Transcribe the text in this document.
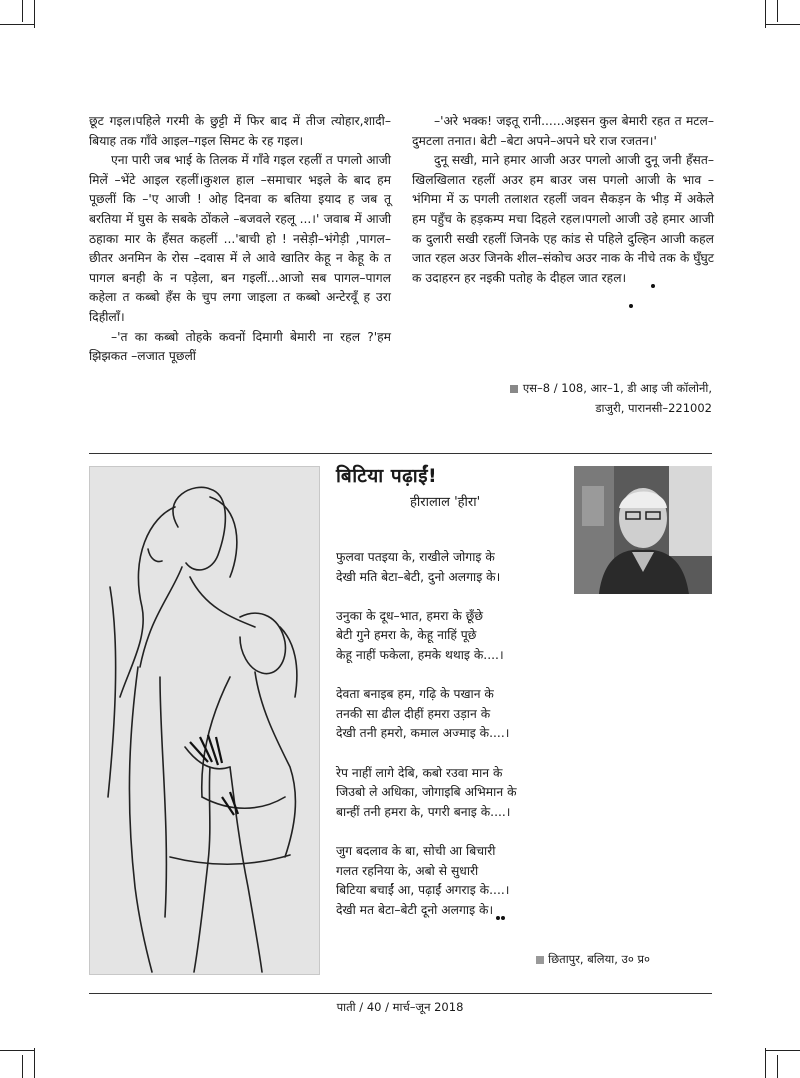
छूट गइल।पहिले गरमी के छुट्टी में फिर बाद में तीज त्योहार,शादी–बियाह तक गाँवे आइल–गइल सिमट के रह गइल।

एना पारी जब भाई के तिलक में गाँवे गइल रहलीं त पगलो आजी मिलें –भेंटे आइल रहलीं।कुशल हाल –समाचार भइले के बाद हम पूछलीं कि –'ए आजी ! ओह दिनवा क बतिया इयाद ह जब तू बरतिया में घुस के सबके ठोंकले –बजवले रहलू ...।' जवाब में आजी ठहाका मार के हँसत कहलीं ...'बाची हो ! नसेड़ी–भंगेड़ी ,पागल–छीतर अनमिन के रोस –दवास में ले आवे खातिर केहू न केहू के त पागल बनही के न पड़ेला, बन गइलीं...आजो सब पागल–पागल कहेला त कब्बो हँस के चुप लगा जाइला त कब्बो अन्टेरवूँ ह उरा दिहीलाँ।

–'त का कब्बो तोहके कवनों दिमागी बेमारी ना रहल ?'हम झिझकत –लजात पूछलीं

–'अरे भक्क! जइतू रानी......अइसन कुल बेमारी रहत त मटल–दुमटला तनात। बेटी –बेटा अपने–अपने घरे राज रजतन।'

दुनू सखी, माने हमार आजी अउर पगलो आजी दुनू जनी हँसत–खिलखिलात रहलीं अउर हम बाउर जस पगलो आजी के भाव –भंगिमा में ऊ पगली तलाशत रहलीं जवन सैकड़न के भीड़ में अकेले हम पहुँच के हड़कम्प मचा दिहले रहल।पगलो आजी उहे हमार आजी क दुलारी सखी रहलीं जिनके एह कांड से पहिले दुल्हिन आजी कहल जात रहल अउर जिनके शील–संकोच अउर नाक के नीचे तक के घुँघुट क उदाहरन हर नइकी पतोह के दीहल जात रहल।

एस–8 / 108, आर–1, डी आइ जी कॉलोनी,
डाजुरी, पारानसी–221002
बिटिया पढ़ाईं!
हीरालाल 'हीरा'
फुलवा पतइया के, राखीले जोगाइ के
देखी मति बेटा–बेटी, दुनो अलगाइ के।
उनुका के दूध–भात, हमरा के छूँछे
बेटी गुने हमरा के, केहू नाहिं पूछे
केहू नाहीं फकेला, हमके थथाइ के....।
देवता बनाइब हम, गढ़ि के पखान के
तनकी सा ढील दीहीं हमरा उड़ान के
देखी तनी हमरो, कमाल अज्माइ के....।
रेप नाहीं लागे देबि, कबो रउवा मान के
जिउबो ले अधिका, जोगाइबि अभिमान के
बान्हीं तनी हमरा के, पगरी बनाइ के....।
जुग बदलाव के बा, सोची आ बिचारी
गलत रहनिया के, अबो से सुधारी
बिटिया बचाईं आ, पढ़ाईं अगराइ के....।
देखी मत बेटा–बेटी दूनो अलगाइ के।
छितापुर, बलिया, उ० प्र०
पाती / 40 / मार्च–जून 2018
